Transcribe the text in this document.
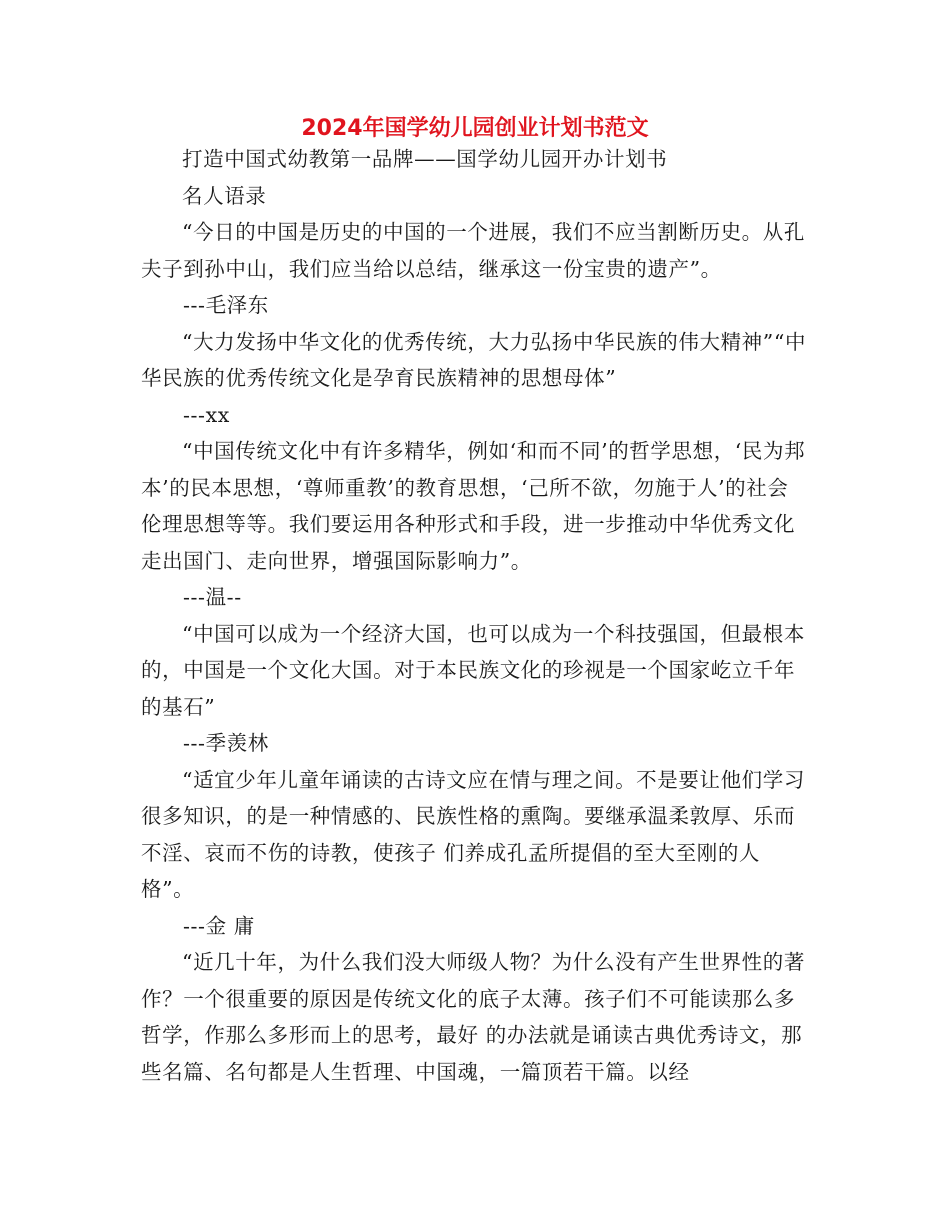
2024年国学幼儿园创业计划书范文

打造中国式幼教第一品牌——国学幼儿园开办计划书

名人语录

“今日的中国是历史的中国的一个进展，我们不应当割断历史。从孔夫子到孙中山，我们应当给以总结，继承这一份宝贵的遗产”。

---毛泽东

“大力发扬中华文化的优秀传统，大力弘扬中华民族的伟大精神”“中华民族的优秀传统文化是孕育民族精神的思想母体”

---xx

“中国传统文化中有许多精华，例如‘和而不同’的哲学思想，‘民为邦本’的民本思想，‘尊师重教’的教育思想，‘己所不欲，勿施于人’的社会伦理思想等等。我们要运用各种形式和手段，进一步推动中华优秀文化走出国门、走向世界，增强国际影响力”。

---温--

“中国可以成为一个经济大国，也可以成为一个科技强国，但最根本的，中国是一个文化大国。对于本民族文化的珍视是一个国家屹立千年的基石”

---季羡林

“适宜少年儿童年诵读的古诗文应在情与理之间。不是要让他们学习很多知识，的是一种情感的、民族性格的熏陶。要继承温柔敦厚、乐而不淫、哀而不伤的诗教，使孩子 们养成孔孟所提倡的至大至刚的人格”。

---金 庸

“近几十年，为什么我们没大师级人物？为什么没有产生世界性的著作？一个很重要的原因是传统文化的底子太薄。孩子们不可能读那么多哲学，作那么多形而上的思考，最好 的办法就是诵读古典优秀诗文，那些名篇、名句都是人生哲理、中国魂，一篇顶若干篇。以经
